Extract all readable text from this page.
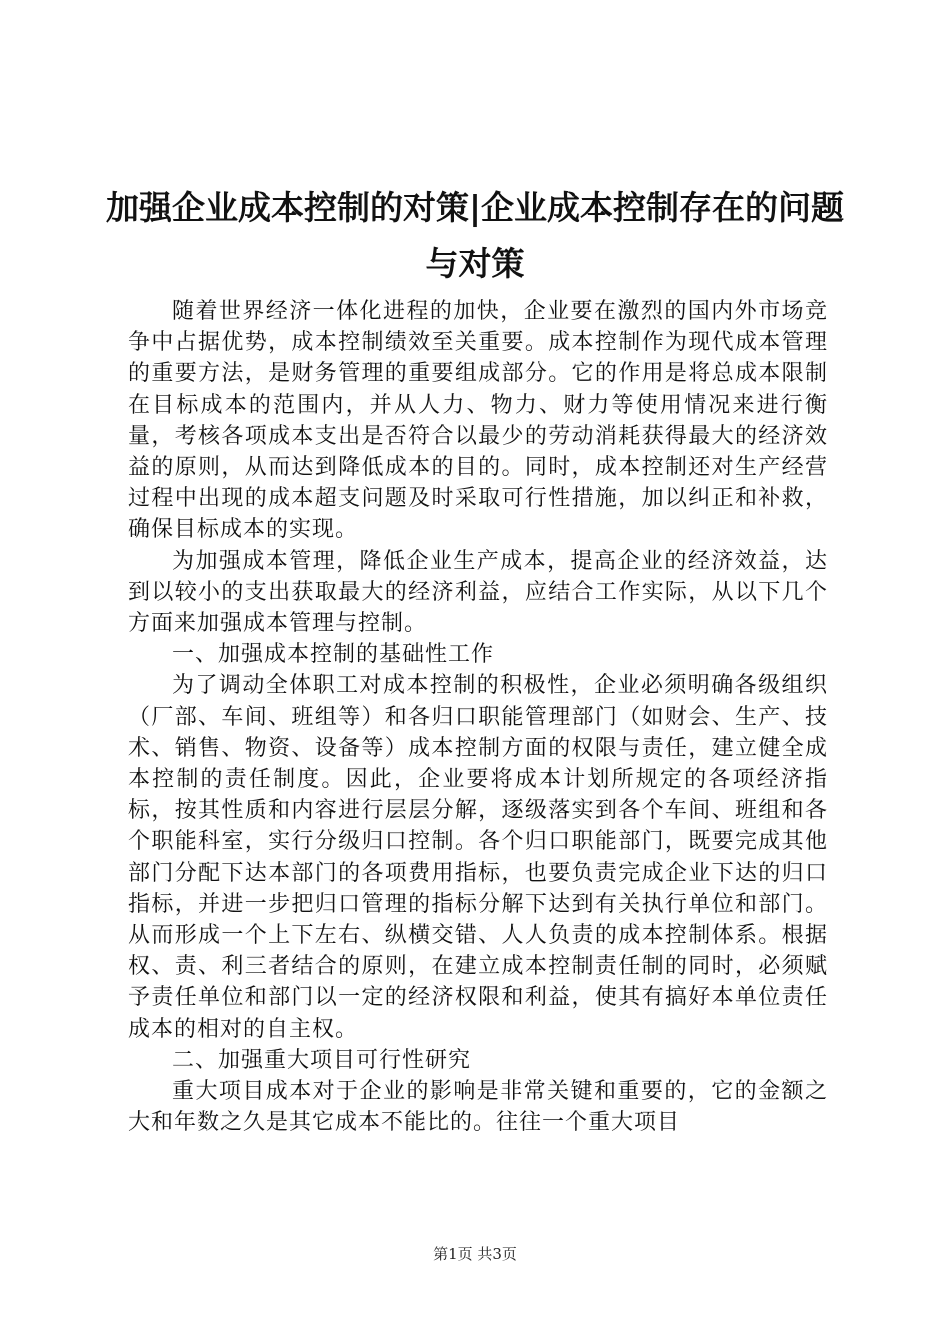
加强企业成本控制的对策|企业成本控制存在的问题与对策

随着世界经济一体化进程的加快，企业要在激烈的国内外市场竞争中占据优势，成本控制绩效至关重要。成本控制作为现代成本管理的重要方法，是财务管理的重要组成部分。它的作用是将总成本限制在目标成本的范围内，并从人力、物力、财力等使用情况来进行衡量，考核各项成本支出是否符合以最少的劳动消耗获得最大的经济效益的原则，从而达到降低成本的目的。同时，成本控制还对生产经营过程中出现的成本超支问题及时采取可行性措施，加以纠正和补救，确保目标成本的实现。

为加强成本管理，降低企业生产成本，提高企业的经济效益，达到以较小的支出获取最大的经济利益，应结合工作实际，从以下几个方面来加强成本管理与控制。

一、加强成本控制的基础性工作

为了调动全体职工对成本控制的积极性，企业必须明确各级组织（厂部、车间、班组等）和各归口职能管理部门（如财会、生产、技术、销售、物资、设备等）成本控制方面的权限与责任，建立健全成本控制的责任制度。因此，企业要将成本计划所规定的各项经济指标，按其性质和内容进行层层分解，逐级落实到各个车间、班组和各个职能科室，实行分级归口控制。各个归口职能部门，既要完成其他部门分配下达本部门的各项费用指标，也要负责完成企业下达的归口指标，并进一步把归口管理的指标分解下达到有关执行单位和部门。从而形成一个上下左右、纵横交错、人人负责的成本控制体系。根据权、责、利三者结合的原则，在建立成本控制责任制的同时，必须赋予责任单位和部门以一定的经济权限和利益，使其有搞好本单位责任成本的相对的自主权。

二、加强重大项目可行性研究

重大项目成本对于企业的影响是非常关键和重要的，它的金额之大和年数之久是其它成本不能比的。往往一个重大项目

第1页 共3页
